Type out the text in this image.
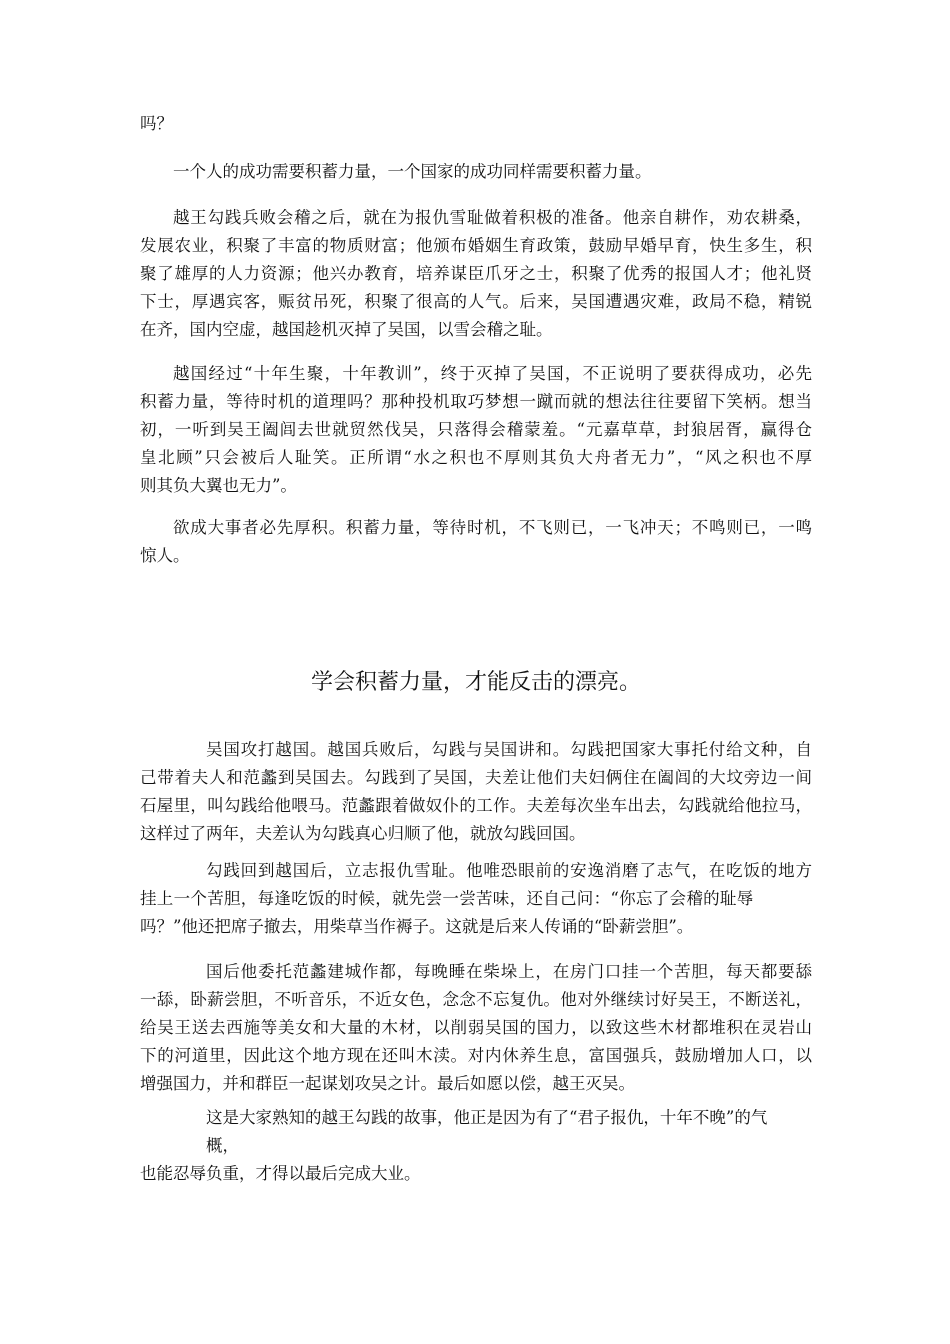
吗？
一个人的成功需要积蓄力量，一个国家的成功同样需要积蓄力量。
越王勾践兵败会稽之后，就在为报仇雪耻做着积极的准备。他亲自耕作，劝农耕桑，
发展农业，积聚了丰富的物质财富；他颁布婚姻生育政策，鼓励早婚早育，快生多生，积
聚了雄厚的人力资源；他兴办教育，培养谋臣爪牙之士，积聚了优秀的报国人才；他礼贤
下士，厚遇宾客，赈贫吊死，积聚了很高的人气。后来，吴国遭遇灾难，政局不稳，精锐
在齐，国内空虚，越国趁机灭掉了吴国，以雪会稽之耻。
越国经过“十年生聚，十年教训”，终于灭掉了吴国，不正说明了要获得成功，必先
积蓄力量，等待时机的道理吗？那种投机取巧梦想一蹴而就的想法往往要留下笑柄。想当
初，一听到吴王阖闾去世就贸然伐吴，只落得会稽蒙羞。“元嘉草草，封狼居胥，赢得仓
皇北顾”只会被后人耻笑。正所谓“水之积也不厚则其负大舟者无力”，“风之积也不厚
则其负大翼也无力”。
欲成大事者必先厚积。积蓄力量，等待时机，不飞则已，一飞冲天；不鸣则已，一鸣
惊人。
学会积蓄力量，才能反击的漂亮。
吴国攻打越国。越国兵败后，勾践与吴国讲和。勾践把国家大事托付给文种，自
己带着夫人和范蠡到吴国去。勾践到了吴国，夫差让他们夫妇俩住在阖闾的大坟旁边一间
石屋里，叫勾践给他喂马。范蠡跟着做奴仆的工作。夫差每次坐车出去，勾践就给他拉马，
这样过了两年，夫差认为勾践真心归顺了他，就放勾践回国。
勾践回到越国后，立志报仇雪耻。他唯恐眼前的安逸消磨了志气，在吃饭的地方
挂上一个苦胆，每逢吃饭的时候，就先尝一尝苦味，还自己问：“你忘了会稽的耻辱
吗？”他还把席子撤去，用柴草当作褥子。这就是后来人传诵的“卧薪尝胆”。
国后他委托范蠡建城作都，每晚睡在柴垛上，在房门口挂一个苦胆，每天都要舔
一舔，卧薪尝胆，不听音乐，不近女色，念念不忘复仇。他对外继续讨好吴王，不断送礼，
给吴王送去西施等美女和大量的木材，以削弱吴国的国力，以致这些木材都堆积在灵岩山
下的河道里，因此这个地方现在还叫木渎。对内休养生息，富国强兵，鼓励增加人口，以
增强国力，并和群臣一起谋划攻吴之计。最后如愿以偿，越王灭吴。
这是大家熟知的越王勾践的故事，他正是因为有了“君子报仇，十年不晚”的气
概，
也能忍辱负重，才得以最后完成大业。
